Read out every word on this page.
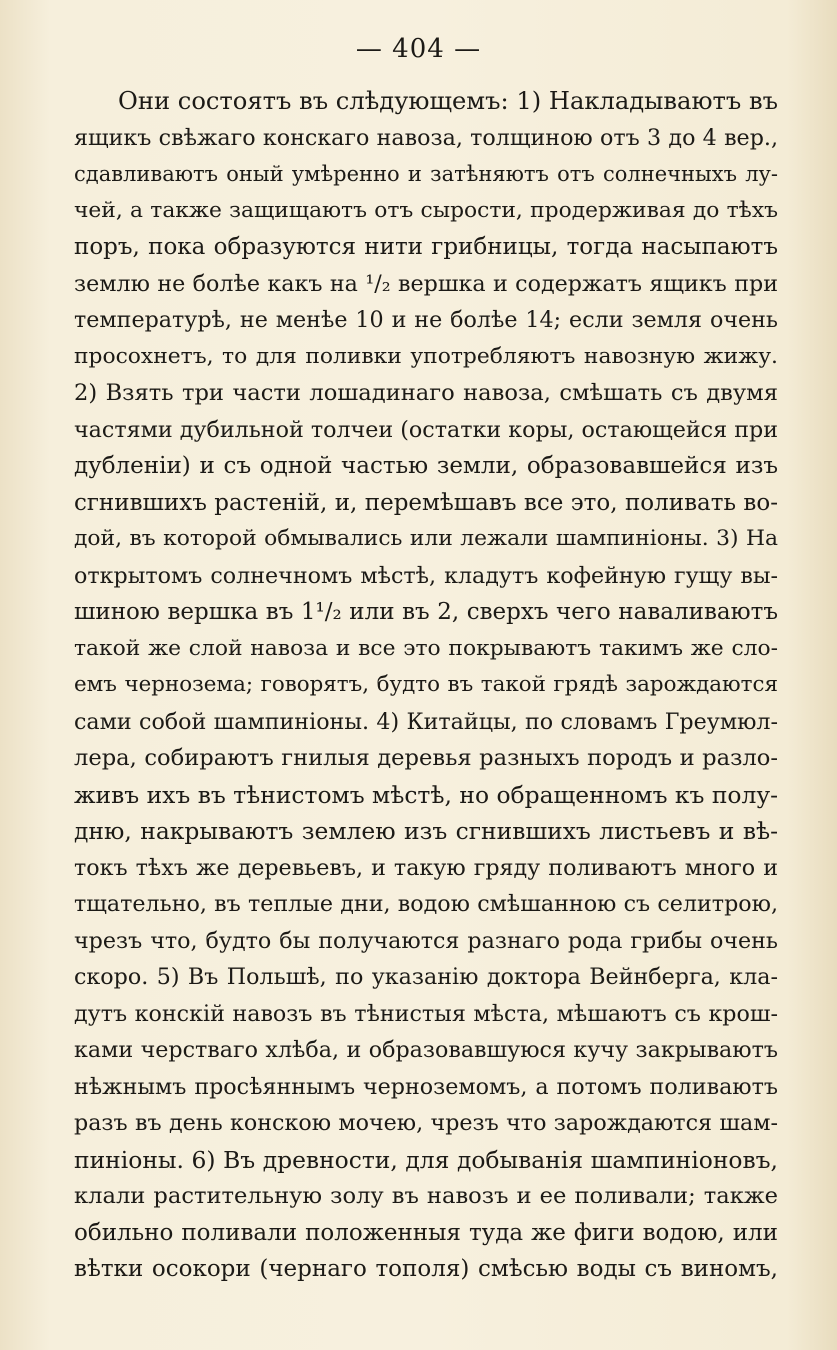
— 404 —
Они состоятъ въ слѣдующемъ: 1) Накладываютъ въ
ящикъ свѣжаго конскаго навоза, толщиною отъ 3 до 4 вер.,
сдавливаютъ оный умѣренно и затѣняютъ отъ солнечныхъ лу-
чей, а также защищаютъ отъ сырости, продерживая до тѣхъ
поръ, пока образуются нити грибницы, тогда насыпаютъ
землю не болѣе какъ на ¹/₂ вершка и содержатъ ящикъ при
температурѣ, не менѣе 10 и не болѣе 14; если земля очень
просохнетъ, то для поливки употребляютъ навозную жижу.
2) Взять три части лошадинаго навоза, смѣшать съ двумя
частями дубильной толчеи (остатки коры, остающейся при
дубленіи) и съ одной частью земли, образовавшейся изъ
сгнившихъ растеній, и, перемѣшавъ все это, поливать во-
дой, въ которой обмывались или лежали шампиніоны. 3) На
открытомъ солнечномъ мѣстѣ, кладутъ кофейную гущу вы-
шиною вершка въ 1¹/₂ или въ 2, сверхъ чего наваливаютъ
такой же слой навоза и все это покрываютъ такимъ же сло-
емъ чернозема; говорятъ, будто въ такой грядѣ зарождаются
сами собой шампиніоны. 4) Китайцы, по словамъ Греумюл-
лера, собираютъ гнилыя деревья разныхъ породъ и разло-
живъ ихъ въ тѣнистомъ мѣстѣ, но обращенномъ къ полу-
дню, накрываютъ землею изъ сгнившихъ листьевъ и вѣ-
токъ тѣхъ же деревьевъ, и такую гряду поливаютъ много и
тщательно, въ теплые дни, водою смѣшанною съ селитрою,
чрезъ что, будто бы получаются разнаго рода грибы очень
скоро. 5) Въ Польшѣ, по указанію доктора Вейнберга, кла-
дутъ конскій навозъ въ тѣнистыя мѣста, мѣшаютъ съ крош-
ками черстваго хлѣба, и образовавшуюся кучу закрываютъ
нѣжнымъ просѣяннымъ черноземомъ, а потомъ поливаютъ
разъ въ день конскою мочею, чрезъ что зарождаются шам-
пиніоны. 6) Въ древности, для добыванія шампиніоновъ,
клали растительную золу въ навозъ и ее поливали; также
обильно поливали положенныя туда же фиги водою, или
вѣтки осокори (чернаго тополя) смѣсью воды съ виномъ,
